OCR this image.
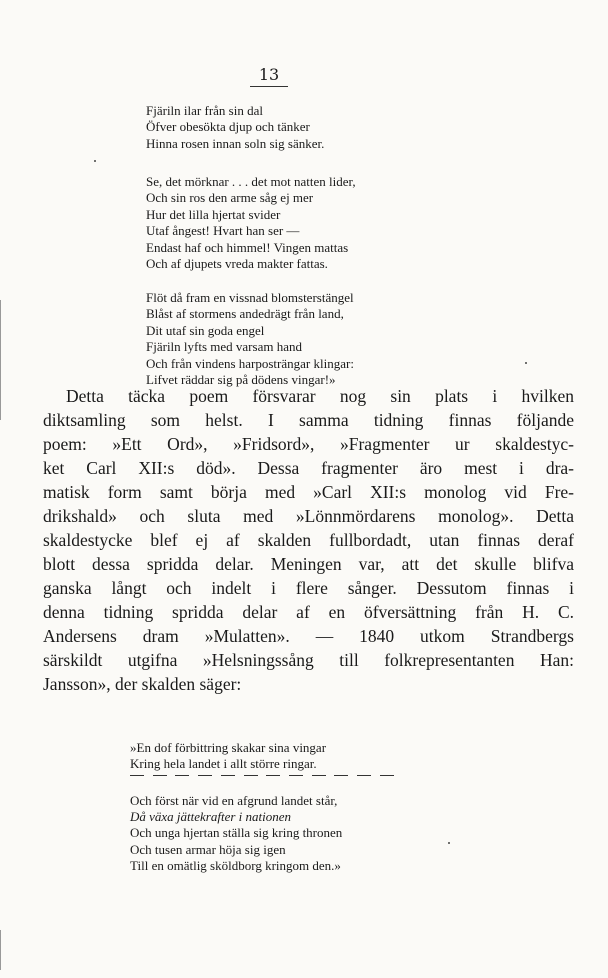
13
Fjäriln ilar från sin dal
Öfver obesökta djup och tänker
Hinna rosen innan soln sig sänker.
Se, det mörknar . . . det mot natten lider,
Och sin ros den arme såg ej mer
Hur det lilla hjertat svider
Utaf ångest! Hvart han ser —
Endast haf och himmel! Vingen mattas
Och af djupets vreda makter fattas.
Flöt då fram en vissnad blomsterstängel
Blåst af stormens andedrägt från land,
Dit utaf sin goda engel
Fjäriln lyfts med varsam hand
Och från vindens harposträngar klingar:
Lifvet räddar sig på dödens vingar!»
Detta täcka poem försvarar nog sin plats i hvilken
diktsamling som helst. I samma tidning finnas följande
poem: »Ett Ord», »Fridsord», »Fragmenter ur skaldestyc-
ket Carl XII:s död». Dessa fragmenter äro mest i dra-
matisk form samt börja med »Carl XII:s monolog vid Fre-
drikshald» och sluta med »Lönnmördarens monolog». Detta
skaldestycke blef ej af skalden fullbordadt, utan finnas deraf
blott dessa spridda delar. Meningen var, att det skulle blifva
ganska långt och indelt i flere sånger. Dessutom finnas i
denna tidning spridda delar af en öfversättning från H. C.
Andersens dram »Mulatten». — 1840 utkom Strandbergs
särskildt utgifna »Helsningssång till folkrepresentanten Han:
Jansson», der skalden säger:
»En dof förbittring skakar sina vingar
Kring hela landet i allt större ringar.
Och först när vid en afgrund landet står,
Då växa jättekrafter i nationen
Och unga hjertan ställa sig kring thronen
Och tusen armar höja sig igen
Till en omätlig sköldborg kringom den.»
